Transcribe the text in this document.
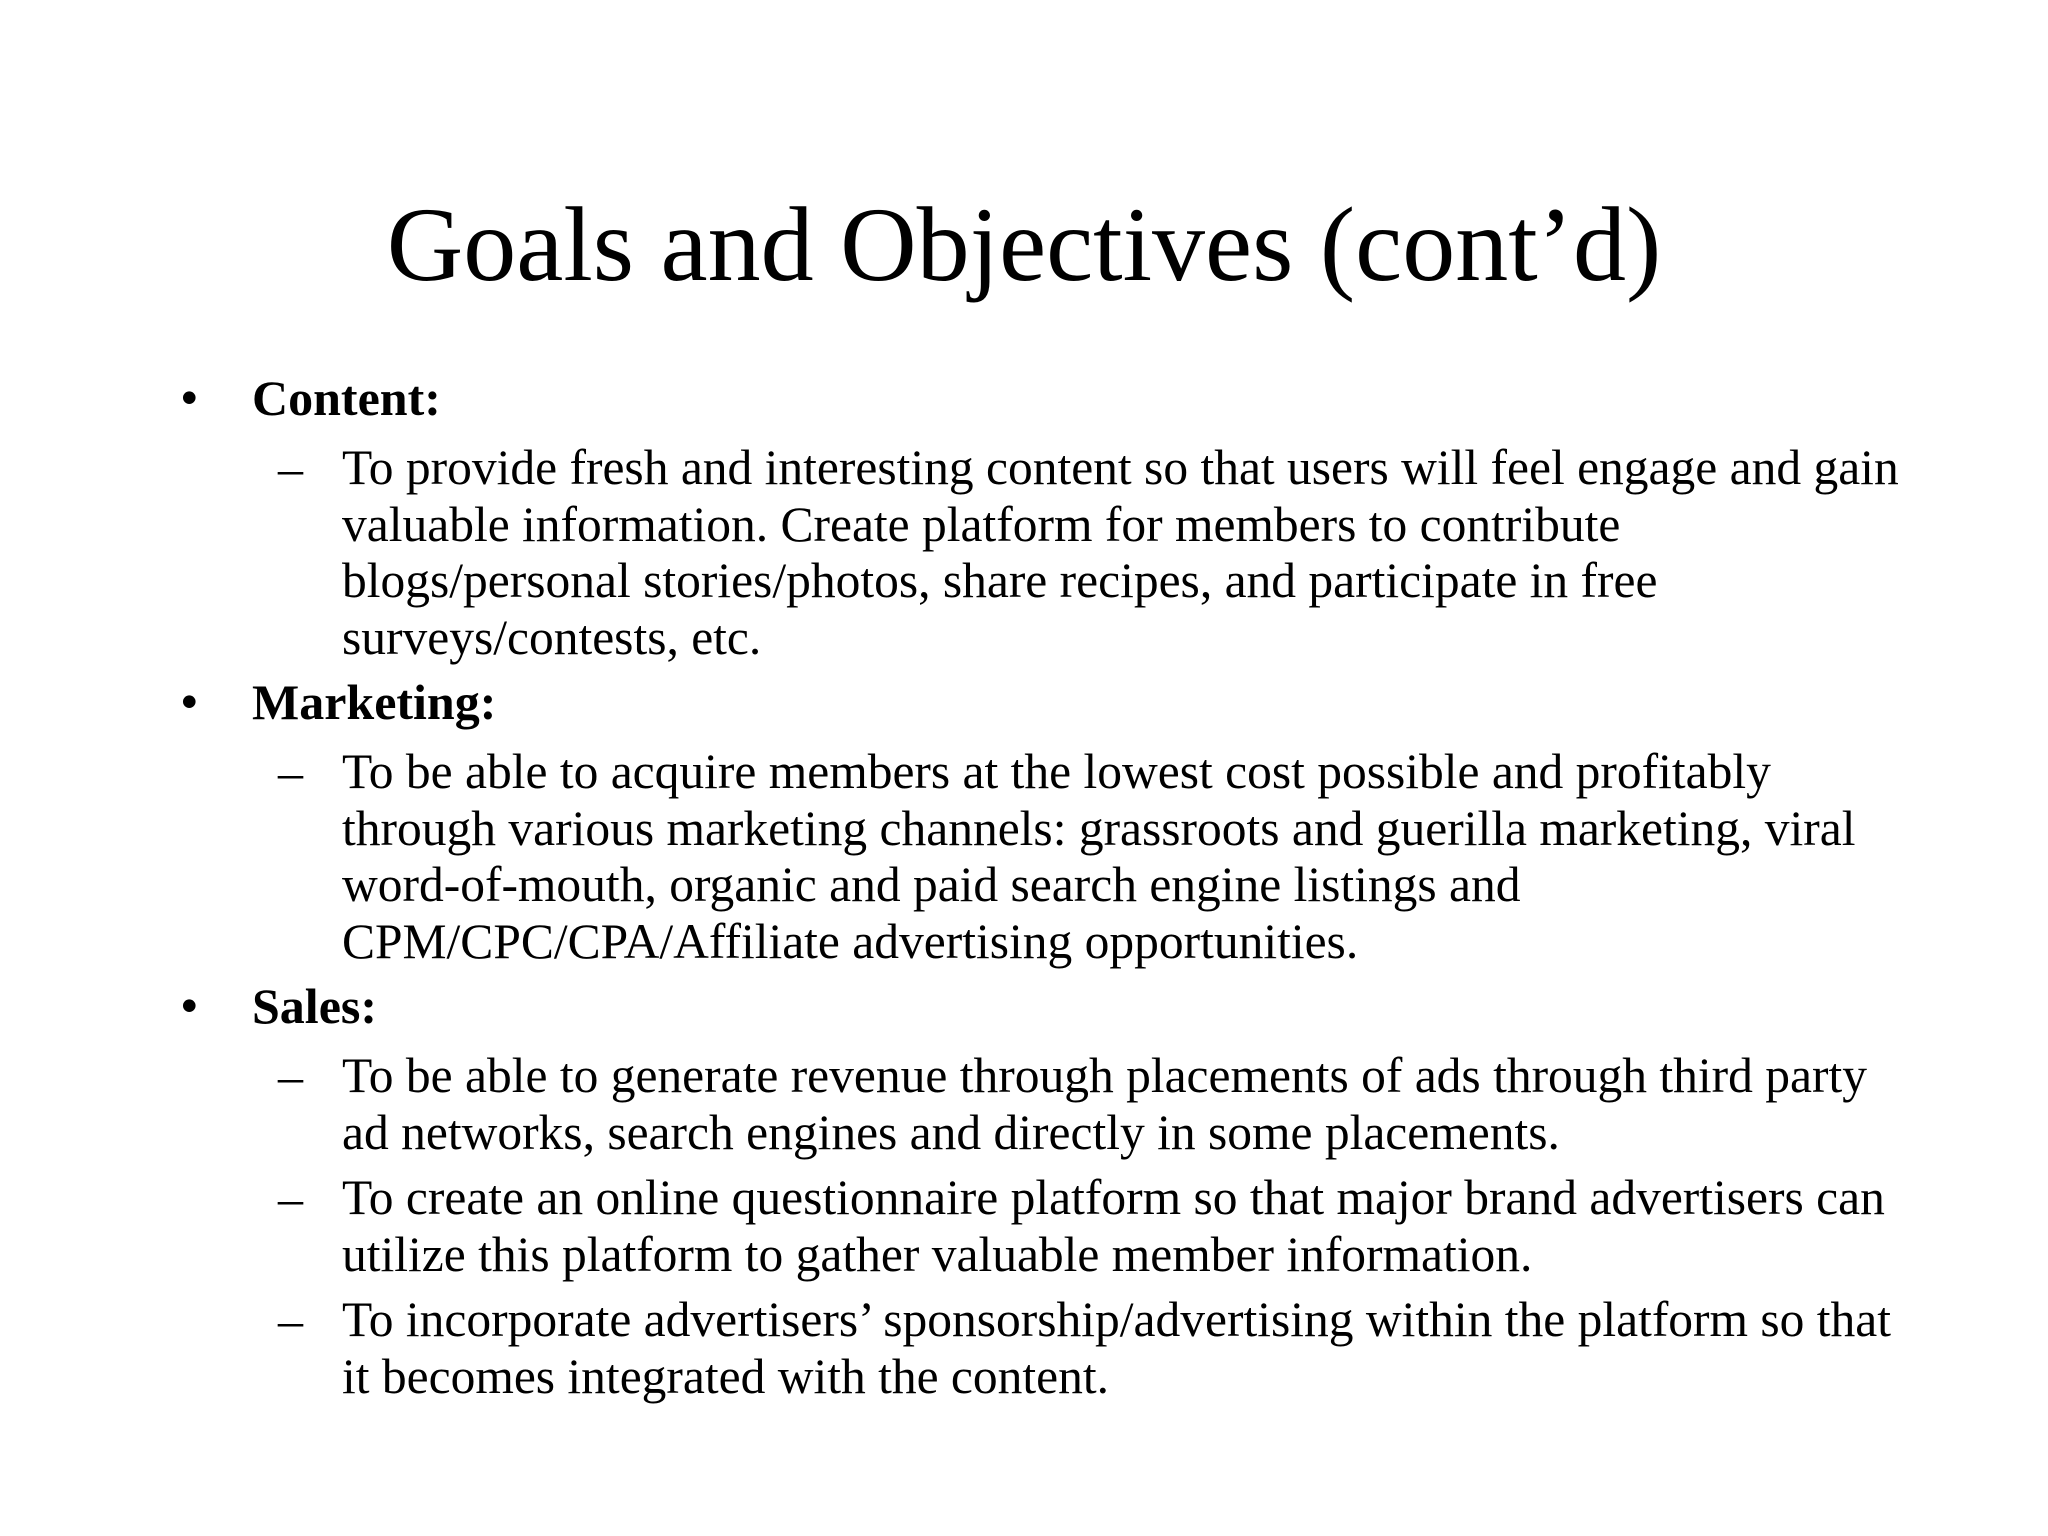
Goals and Objectives (cont’d)
• Content:
– To provide fresh and interesting content so that users will feel engage and gain valuable information. Create platform for members to contribute blogs/personal stories/photos, share recipes, and participate in free surveys/contests, etc.
• Marketing:
– To be able to acquire members at the lowest cost possible and profitably through various marketing channels: grassroots and guerilla marketing, viral word-of-mouth, organic and paid search engine listings and CPM/CPC/CPA/Affiliate advertising opportunities.
• Sales:
– To be able to generate revenue through placements of ads through third party ad networks, search engines and directly in some placements.
– To create an online questionnaire platform so that major brand advertisers can utilize this platform to gather valuable member information.
– To incorporate advertisers’ sponsorship/advertising within the platform so that it becomes integrated with the content.
